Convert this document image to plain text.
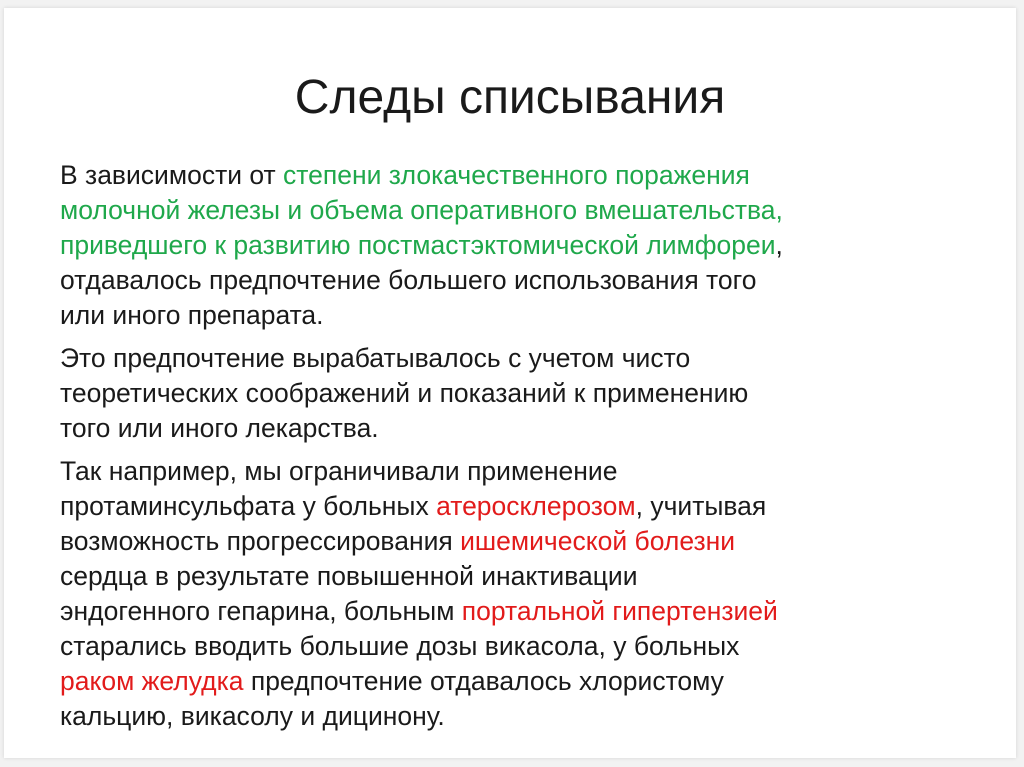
Следы списывания
В зависимости от степени злокачественного поражения
молочной железы и объема оперативного вмешательства,
приведшего к развитию постмастэктомической лимфореи,
отдавалось предпочтение большего использования того
или иного препарата.
Это предпочтение вырабатывалось с учетом чисто
теоретических соображений и показаний к применению
того или иного лекарства.
Так например, мы ограничивали применение
протаминсульфата у больных атеросклерозом, учитывая
возможность прогрессирования ишемической болезни
сердца в результате повышенной инактивации
эндогенного гепарина, больным портальной гипертензией
старались вводить большие дозы викасола, у больных
раком желудка предпочтение отдавалось хлористому
кальцию, викасолу и дицинону.
